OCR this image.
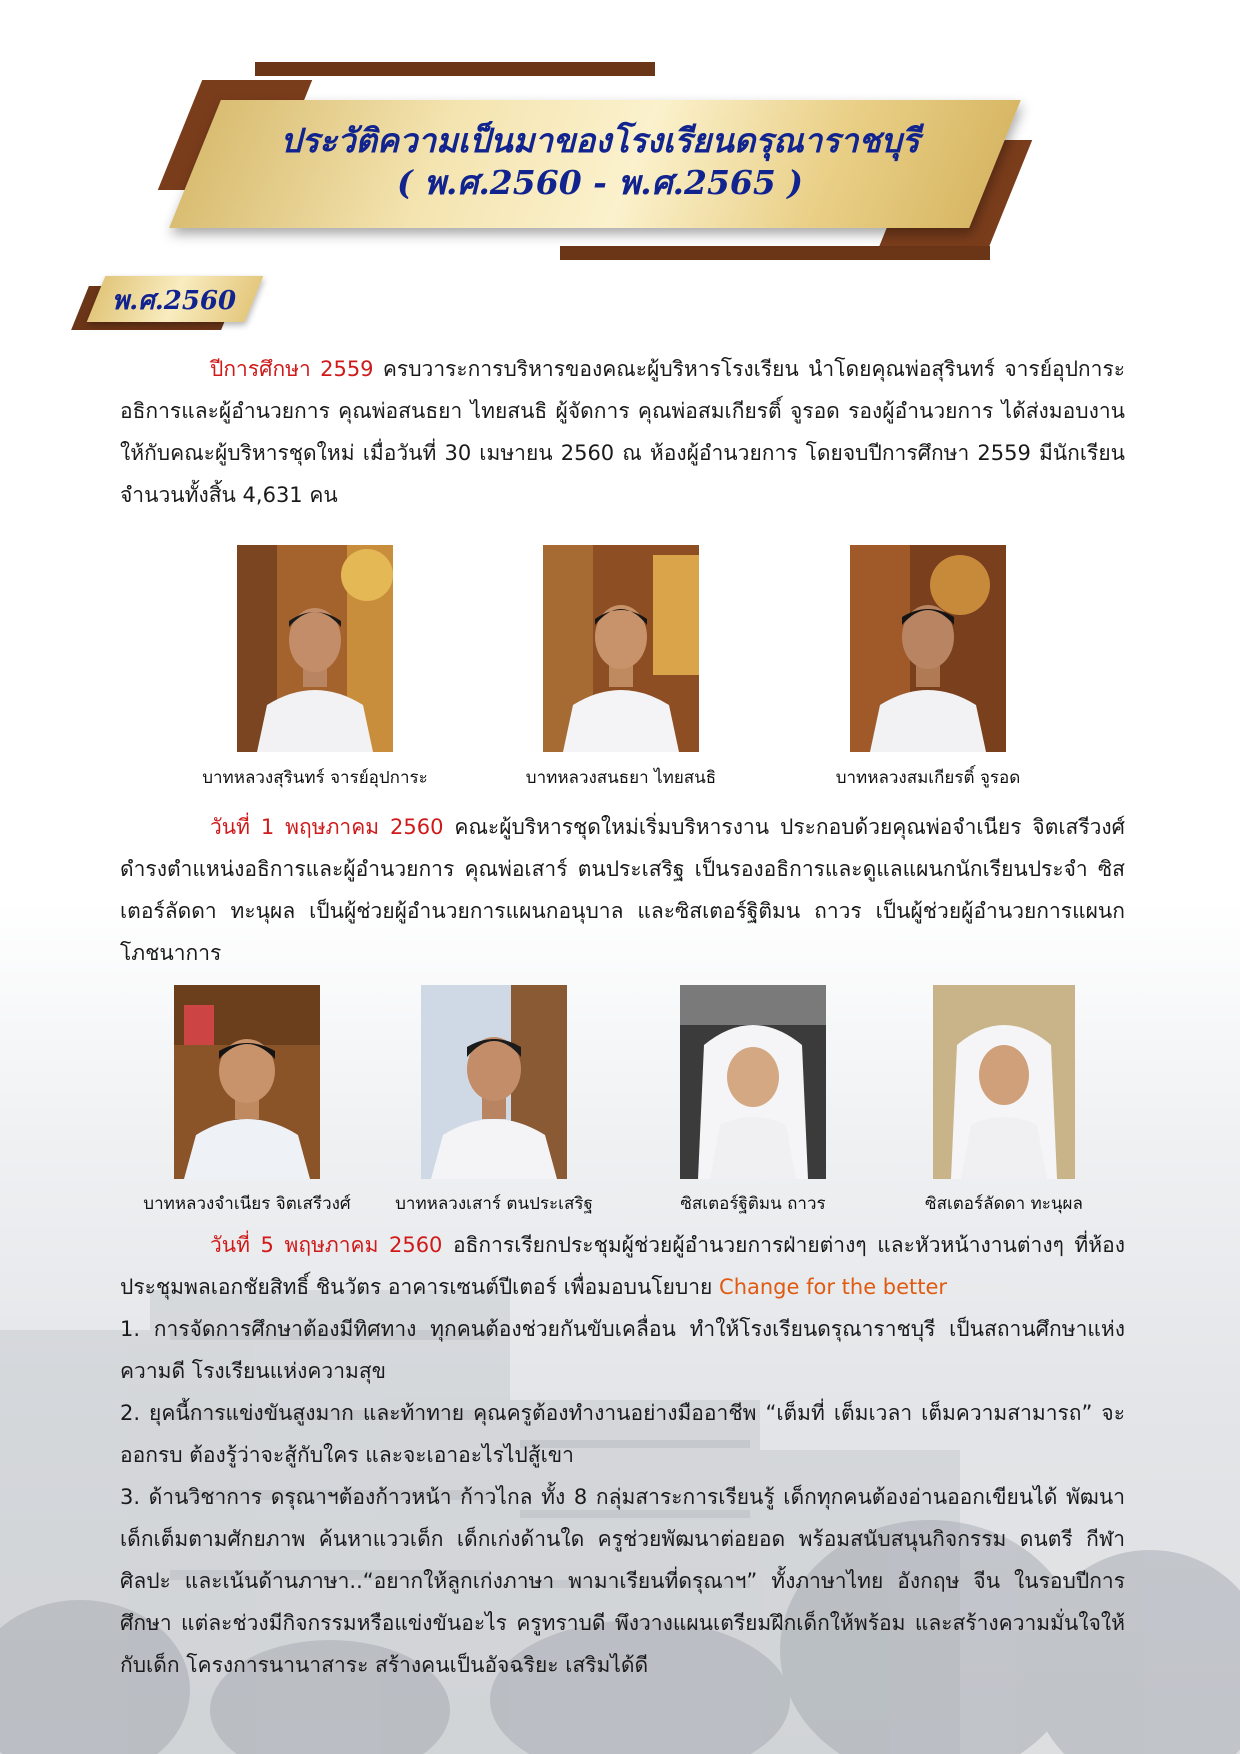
ประวัติความเป็นมาของโรงเรียนดรุณาราชบุรี
( พ.ศ.2560 - พ.ศ.2565 )
พ.ศ.2560
ปีการศึกษา 2559 ครบวาระการบริหารของคณะผู้บริหารโรงเรียน นำโดยคุณพ่อสุรินทร์ จารย์อุปการะ อธิการและผู้อำนวยการ คุณพ่อสนธยา ไทยสนธิ ผู้จัดการ คุณพ่อสมเกียรติ์ จูรอด รองผู้อำนวยการ ได้ส่งมอบงานให้กับคณะผู้บริหารชุดใหม่ เมื่อวันที่ 30 เมษายน 2560 ณ ห้องผู้อำนวยการ โดยจบปีการศึกษา 2559 มีนักเรียน จำนวนทั้งสิ้น 4,631 คน
บาทหลวงสุรินทร์ จารย์อุปการะ	บาทหลวงสนธยา ไทยสนธิ	บาทหลวงสมเกียรติ์ จูรอด
วันที่ 1 พฤษภาคม 2560 คณะผู้บริหารชุดใหม่เริ่มบริหารงาน ประกอบด้วยคุณพ่อจำเนียร จิตเสรีวงศ์ ดำรงตำแหน่งอธิการและผู้อำนวยการ คุณพ่อเสาร์ ตนประเสริฐ เป็นรองอธิการและดูแลแผนกนักเรียนประจำ ซิสเตอร์ลัดดา ทะนุผล เป็นผู้ช่วยผู้อำนวยการแผนกอนุบาล และซิสเตอร์ฐิติมน ถาวร เป็นผู้ช่วยผู้อำนวยการแผนกโภชนาการ
บาทหลวงจำเนียร จิตเสรีวงศ์	บาทหลวงเสาร์ ตนประเสริฐ	ซิสเตอร์ฐิติมน ถาวร	ซิสเตอร์ลัดดา ทะนุผล
วันที่ 5 พฤษภาคม 2560 อธิการเรียกประชุมผู้ช่วยผู้อำนวยการฝ่ายต่างๆ และหัวหน้างานต่างๆ ที่ห้องประชุมพลเอกชัยสิทธิ์ ชินวัตร อาคารเซนต์ปีเตอร์ เพื่อมอบนโยบาย Change for the better
1. การจัดการศึกษาต้องมีทิศทาง ทุกคนต้องช่วยกันขับเคลื่อน ทำให้โรงเรียนดรุณาราชบุรี เป็นสถานศึกษาแห่งความดี โรงเรียนแห่งความสุข
2. ยุคนี้การแข่งขันสูงมาก และท้าทาย คุณครูต้องทำงานอย่างมืออาชีพ “เต็มที่ เต็มเวลา เต็มความสามารถ” จะออกรบ ต้องรู้ว่าจะสู้กับใคร และจะเอาอะไรไปสู้เขา
3. ด้านวิชาการ ดรุณาฯต้องก้าวหน้า ก้าวไกล ทั้ง 8 กลุ่มสาระการเรียนรู้ เด็กทุกคนต้องอ่านออกเขียนได้ พัฒนาเด็กเต็มตามศักยภาพ ค้นหาแววเด็ก เด็กเก่งด้านใด ครูช่วยพัฒนาต่อยอด พร้อมสนับสนุนกิจกรรม ดนตรี กีฬา ศิลปะ และเน้นด้านภาษา..“อยากให้ลูกเก่งภาษา พามาเรียนที่ดรุณาฯ” ทั้งภาษาไทย อังกฤษ จีน ในรอบปีการศึกษา แต่ละช่วงมีกิจกรรมหรือแข่งขันอะไร ครูทราบดี พึงวางแผนเตรียมฝึกเด็กให้พร้อม และสร้างความมั่นใจให้กับเด็ก โครงการนานาสาระ สร้างคนเป็นอัจฉริยะ เสริมได้ดี
